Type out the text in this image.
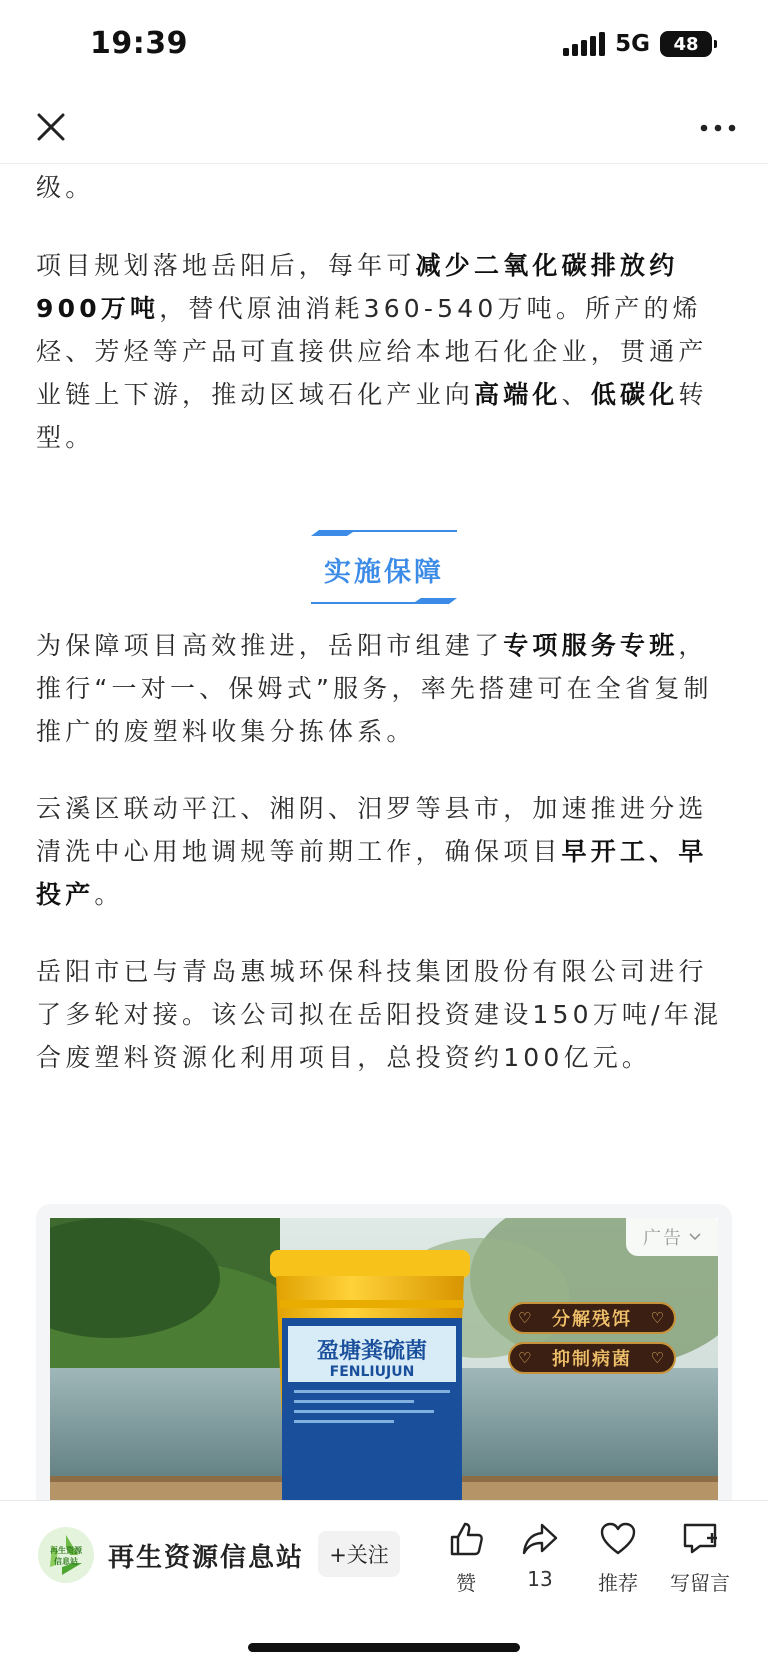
19:39	5G 48
级。
项目规划落地岳阳后，每年可减少二氧化碳排放约900万吨，替代原油消耗360-540万吨。所产的烯烃、芳烃等产品可直接供应给本地石化企业，贯通产业链上下游，推动区域石化产业向高端化、低碳化转型。
实施保障
为保障项目高效推进，岳阳市组建了专项服务专班，推行“一对一、保姆式”服务，率先搭建可在全省复制推广的废塑料收集分拣体系。
云溪区联动平江、湘阴、汨罗等县市，加速推进分选清洗中心用地调规等前期工作，确保项目早开工、早投产。
岳阳市已与青岛惠城环保科技集团股份有限公司进行了多轮对接。该公司拟在岳阳投资建设150万吨/年混合废塑料资源化利用项目，总投资约100亿元。
盈塘粪硫菌
FENLIUJUN
♡ 分解残饵 ♡
♡ 抑制病菌 ♡
广告
再生资源
信息站 再生资源信息站	+关注
赞	13	推荐	写留言
